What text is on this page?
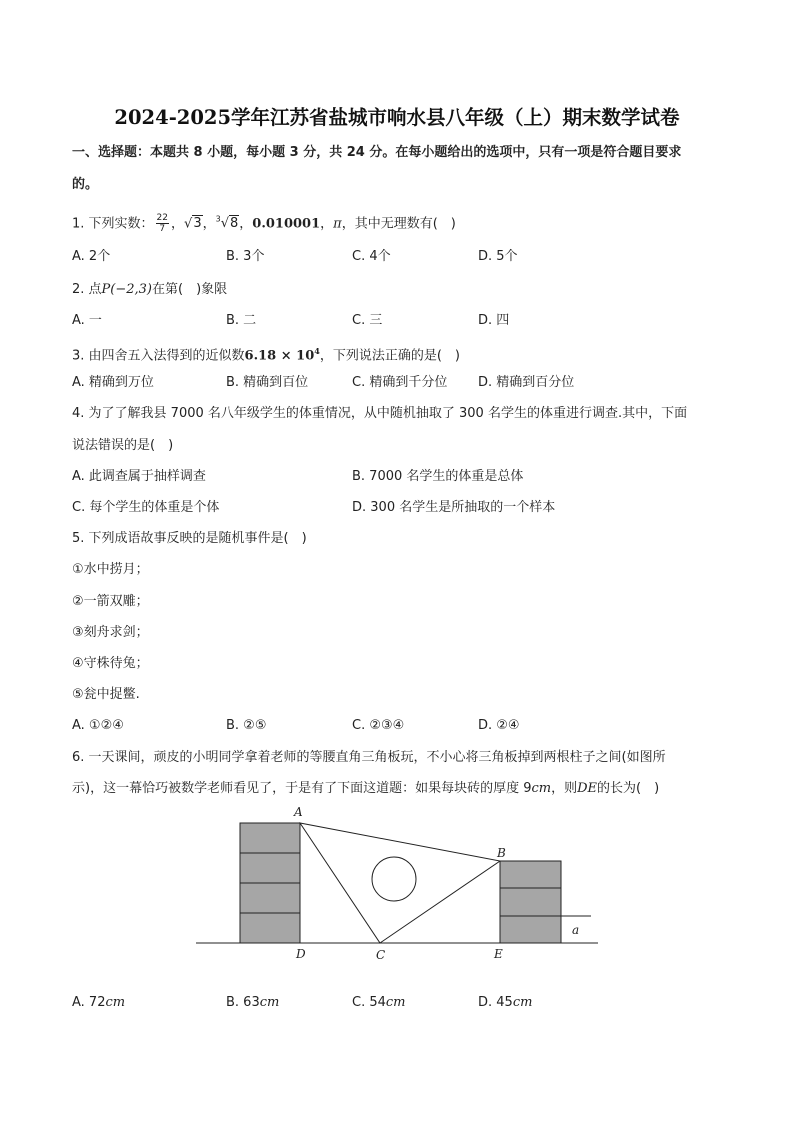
2024-2025学年江苏省盐城市响水县八年级（上）期末数学试卷
一、选择题：本题共 8 小题，每小题 3 分，共 24 分。在每小题给出的选项中，只有一项是符合题目要求
的。
1. 下列实数： $\frac{22}{7}$ ，√3，$^3$√8，0.010001，π，其中无理数有(　)
A. 2个	B. 3个	C. 4个	D. 5个
2. 点P(−2,3)在第(　)象限
A. 一	B. 二	C. 三	D. 四
3. 由四舍五入法得到的近似数$6.18 \times 10^4$，下列说法正确的是(　)
A. 精确到万位	B. 精确到百位	C. 精确到千分位 D. 精确到百分位
4. 为了了解我县 7000 名八年级学生的体重情况，从中随机抽取了 300 名学生的体重进行调查.其中，下面
说法错误的是(　)
A. 此调查属于抽样调查	B. 7000 名学生的体重是总体
C. 每个学生的体重是个体	D. 300 名学生是所抽取的一个样本
5. 下列成语故事反映的是随机事件是(　)
①水中捞月；
②一箭双雕；
③刻舟求剑；
④守株待兔；
⑤瓮中捉鳖.
A. ①②④	B. ②⑤	C. ②③④	D. ②④
6. 一天课间，顽皮的小明同学拿着老师的等腰直角三角板玩，不小心将三角板掉到两根柱子之间(如图所
示)，这一幕恰巧被数学老师看见了，于是有了下面这道题：如果每块砖的厚度 9cm，则DE的长为(　)
A
B
C
D	E
a
A. 72cm	B. 63cm	C. 54cm	D. 45cm
